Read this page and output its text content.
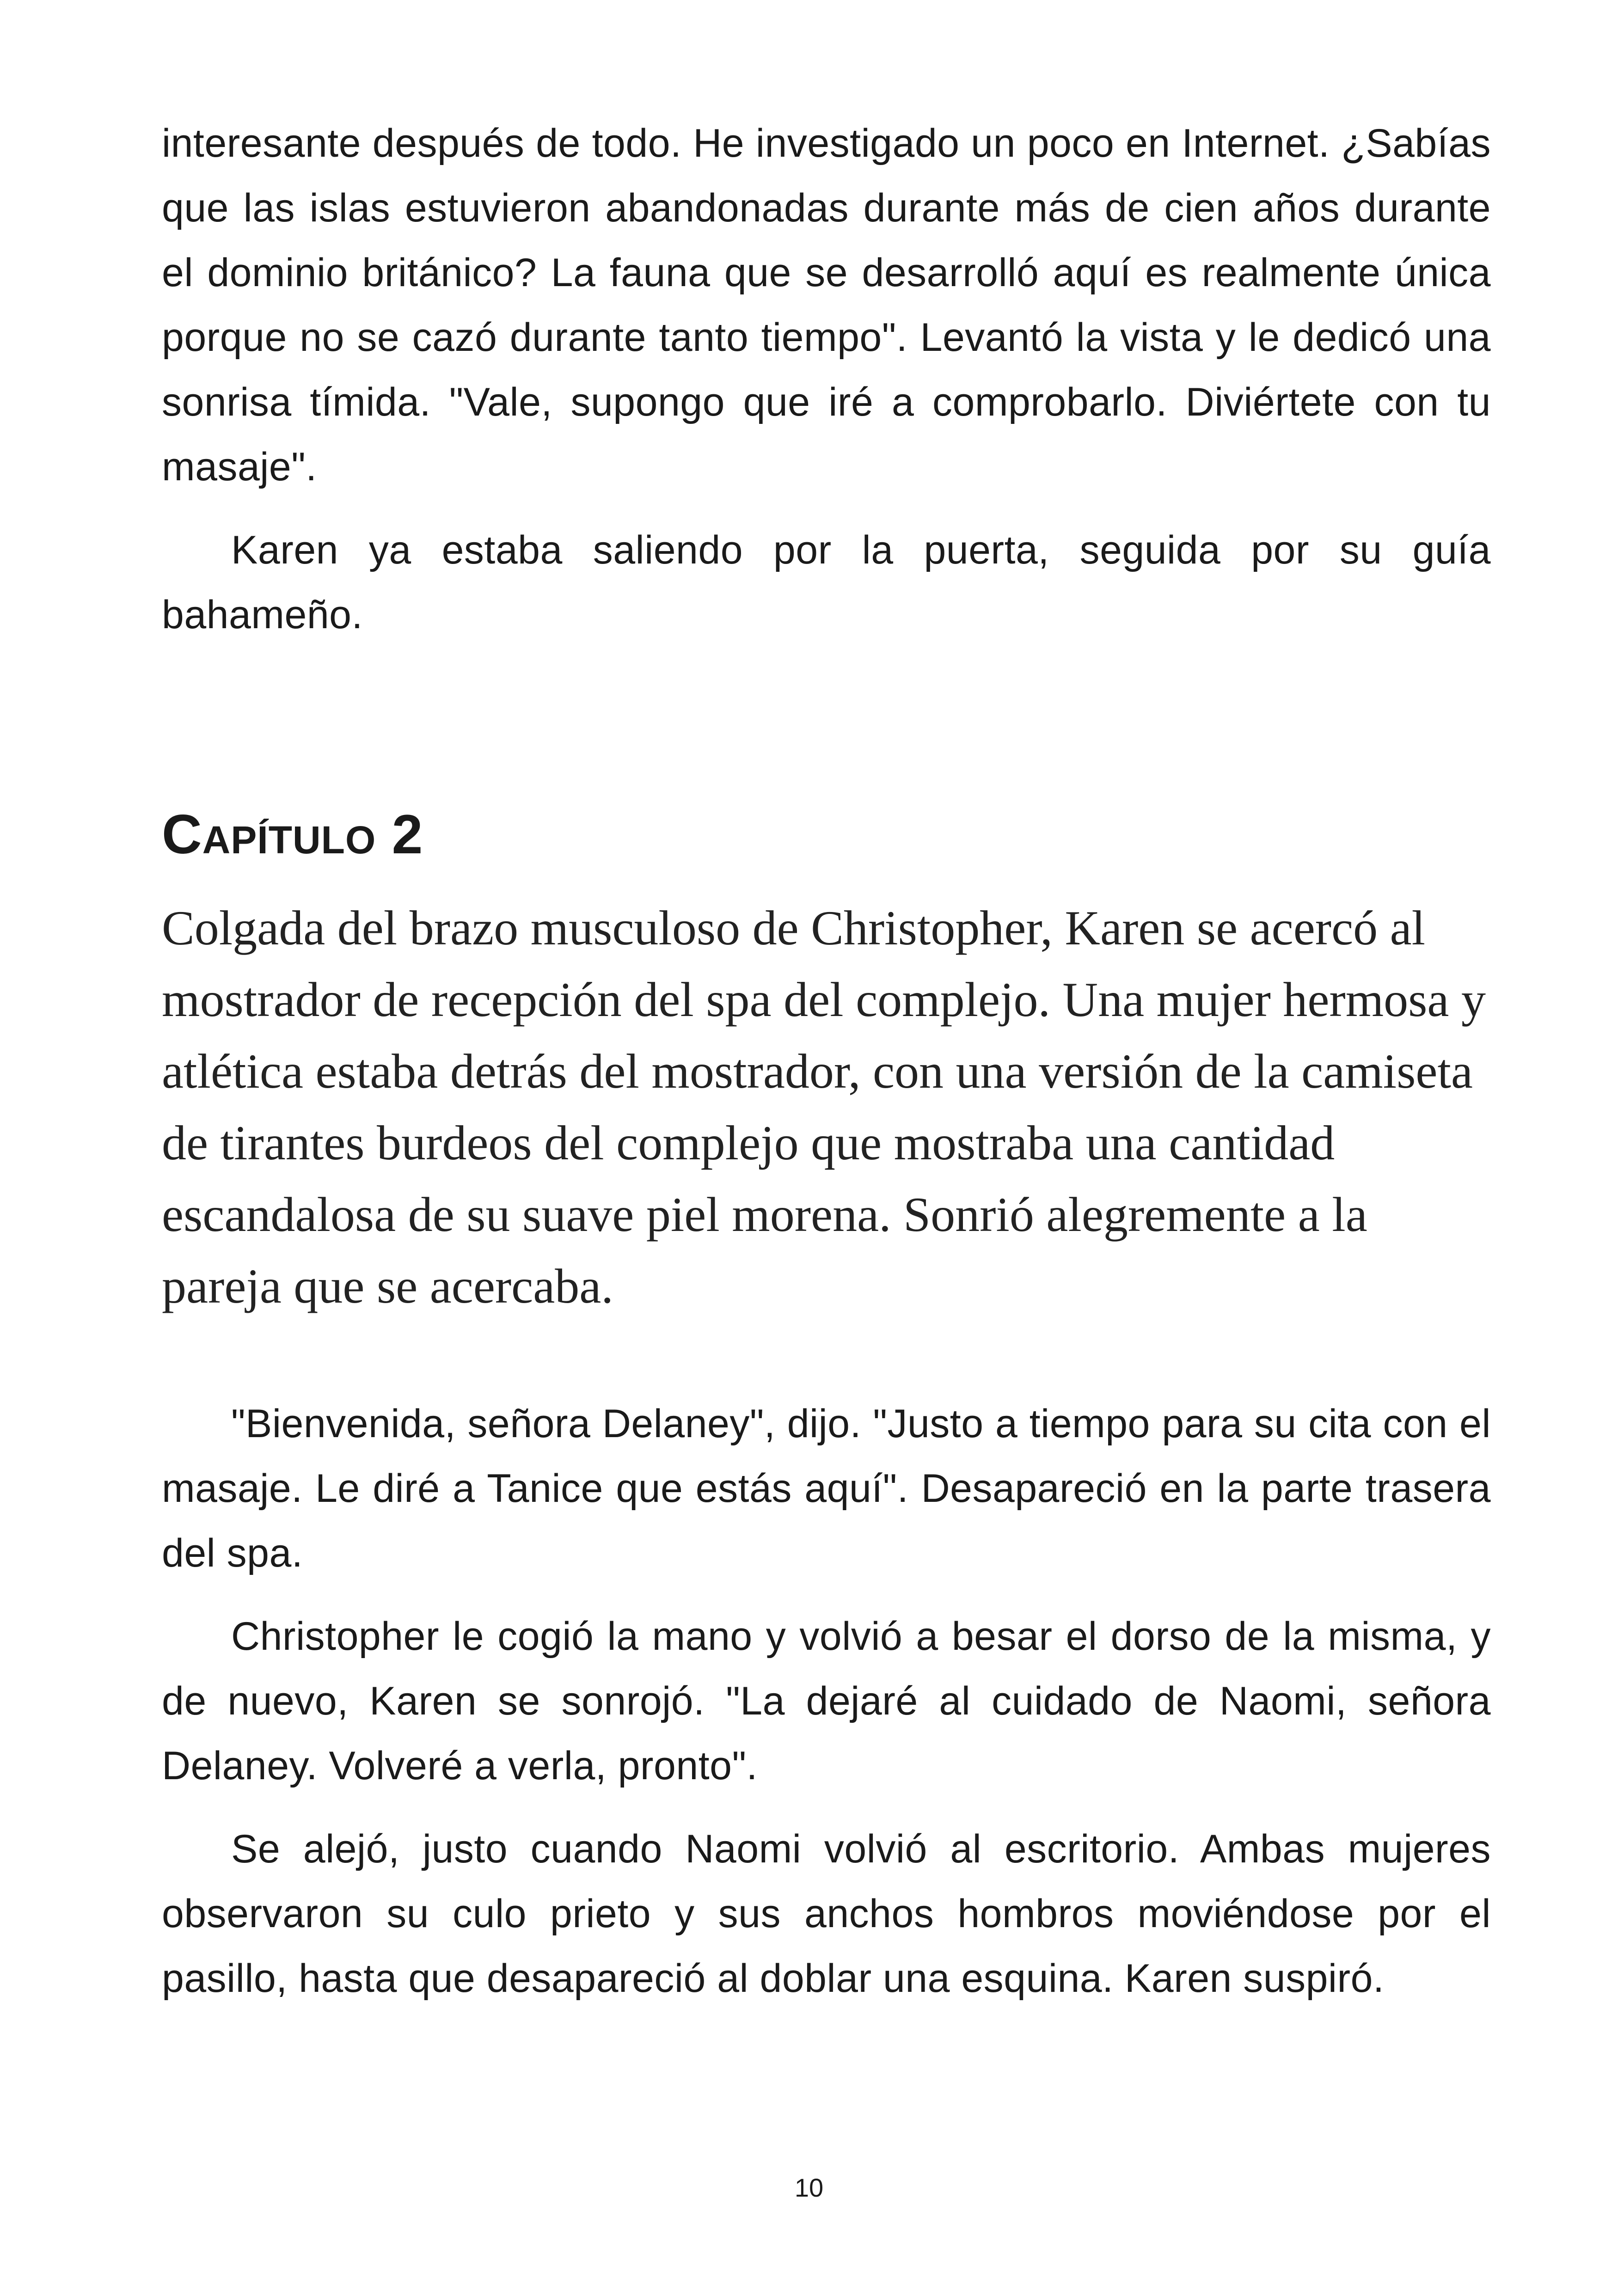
interesante después de todo. He investigado un poco en Internet. ¿Sabías que las islas estuvieron abandonadas durante más de cien años durante el dominio británico? La fauna que se desarrolló aquí es realmente única porque no se cazó durante tanto tiempo". Levantó la vista y le dedicó una sonrisa tímida. "Vale, supongo que iré a comprobarlo. Diviértete con tu masaje".

Karen ya estaba saliendo por la puerta, seguida por su guía bahameño.

Capítulo 2

Colgada del brazo musculoso de Christopher, Karen se acercó al mostrador de recepción del spa del complejo. Una mujer hermosa y atlética estaba detrás del mostrador, con una versión de la camiseta de tirantes burdeos del complejo que mostraba una cantidad escandalosa de su suave piel morena. Sonrió alegremente a la pareja que se acercaba.

"Bienvenida, señora Delaney", dijo. "Justo a tiempo para su cita con el masaje. Le diré a Tanice que estás aquí". Desapareció en la parte trasera del spa.

Christopher le cogió la mano y volvió a besar el dorso de la misma, y de nuevo, Karen se sonrojó. "La dejaré al cuidado de Naomi, señora Delaney. Volveré a verla, pronto".

Se alejó, justo cuando Naomi volvió al escritorio. Ambas mujeres observaron su culo prieto y sus anchos hombros moviéndose por el pasillo, hasta que desapareció al doblar una esquina. Karen suspiró.

10
